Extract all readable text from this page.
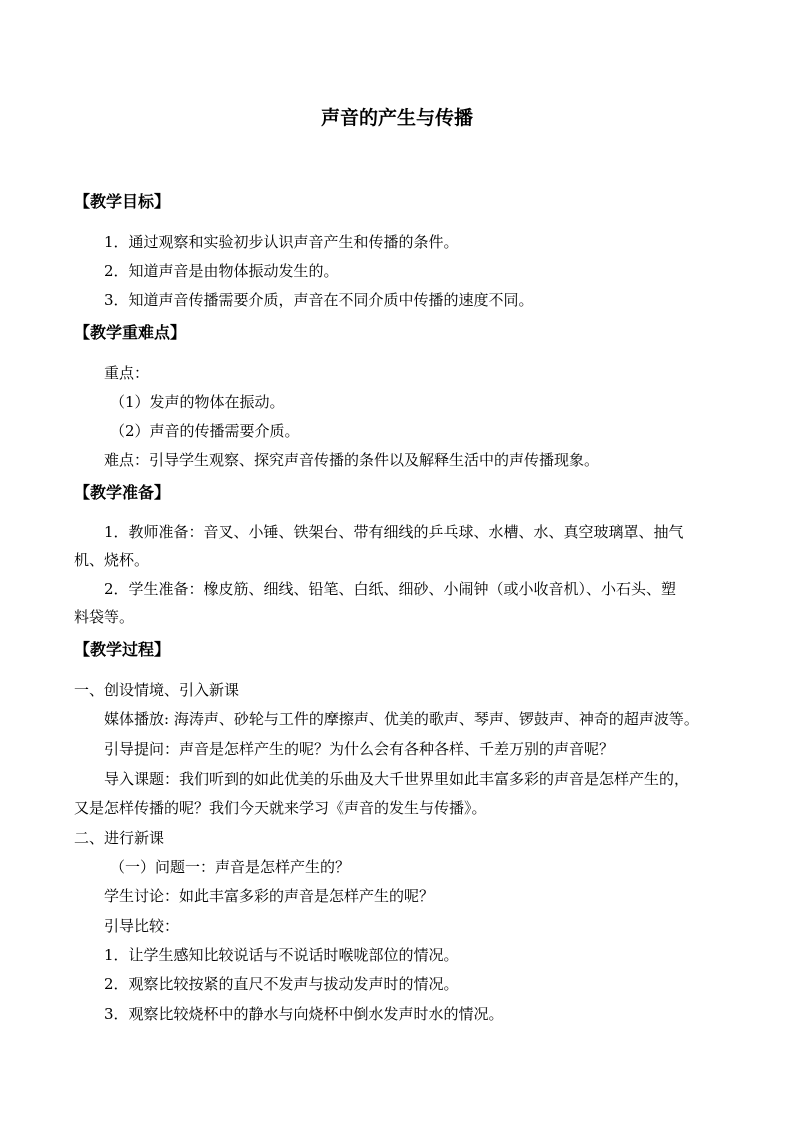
声音的产生与传播
【教学目标】
1．通过观察和实验初步认识声音产生和传播的条件。
2．知道声音是由物体振动发生的。
3．知道声音传播需要介质，声音在不同介质中传播的速度不同。
【教学重难点】
重点：
（1）发声的物体在振动。
（2）声音的传播需要介质。
难点：引导学生观察、探究声音传播的条件以及解释生活中的声传播现象。
【教学准备】
1．教师准备：音叉、小锤、铁架台、带有细线的乒乓球、水槽、水、真空玻璃罩、抽气
机、烧杯。
2．学生准备：橡皮筋、细线、铅笔、白纸、细砂、小闹钟（或小收音机）、小石头、塑
料袋等。
【教学过程】
一、创设情境、引入新课
媒体播放: 海涛声、砂轮与工件的摩擦声、优美的歌声、琴声、锣鼓声、神奇的超声波等。
引导提问：声音是怎样产生的呢？为什么会有各种各样、千差万别的声音呢？
导入课题：我们听到的如此优美的乐曲及大千世界里如此丰富多彩的声音是怎样产生的，
又是怎样传播的呢？我们今天就来学习《声音的发生与传播》。
二、进行新课
（一）问题一：声音是怎样产生的？
学生讨论：如此丰富多彩的声音是怎样产生的呢？
引导比较：
1．让学生感知比较说话与不说话时喉咙部位的情况。
2．观察比较按紧的直尺不发声与拔动发声时的情况。
3．观察比较烧杯中的静水与向烧杯中倒水发声时水的情况。
